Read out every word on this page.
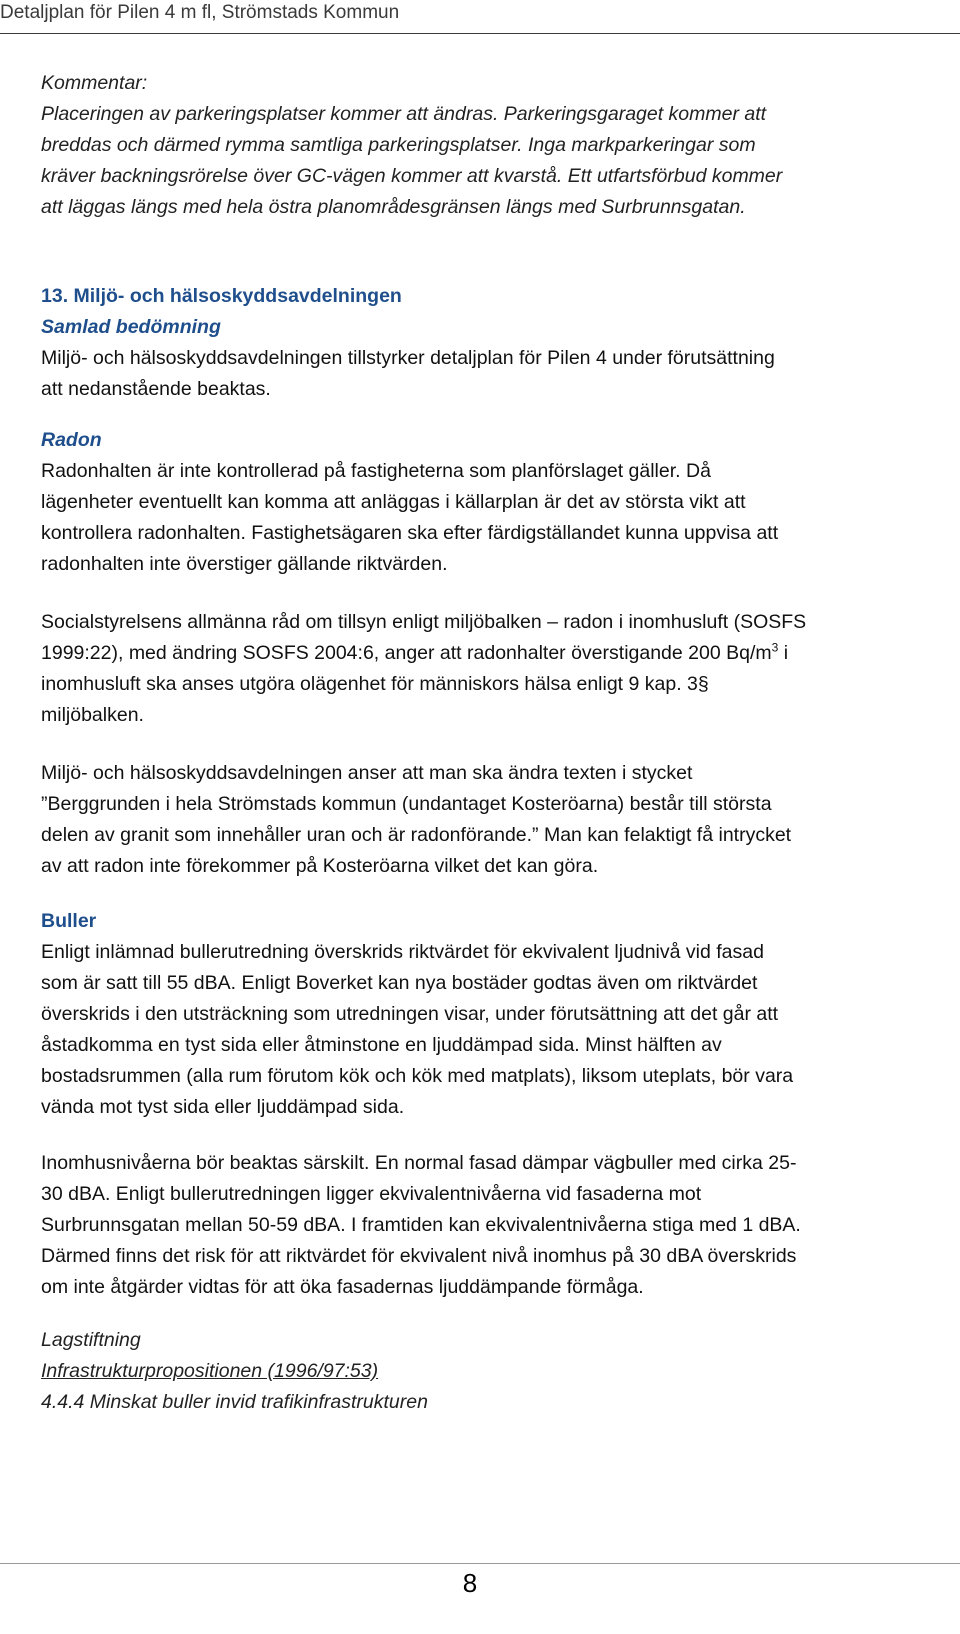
Detaljplan för Pilen 4 m fl, Strömstads Kommun

Kommentar:

Placeringen av parkeringsplatser kommer att ändras. Parkeringsgaraget kommer att

breddas och därmed rymma samtliga parkeringsplatser. Inga markparkeringar som

kräver backningsrörelse över GC-vägen kommer att kvarstå. Ett utfartsförbud kommer

att läggas längs med hela östra planområdesgränsen längs med Surbrunnsgatan.

13. Miljö- och hälsoskyddsavdelningen

Samlad bedömning

Miljö- och hälsoskyddsavdelningen tillstyrker detaljplan för Pilen 4 under förutsättning

att nedanstående beaktas.

Radon

Radonhalten är inte kontrollerad på fastigheterna som planförslaget gäller. Då

lägenheter eventuellt kan komma att anläggas i källarplan är det av största vikt att

kontrollera radonhalten. Fastighetsägaren ska efter färdigställandet kunna uppvisa att

radonhalten inte överstiger gällande riktvärden.

Socialstyrelsens allmänna råd om tillsyn enligt miljöbalken – radon i inomhusluft (SOSFS

1999:22), med ändring SOSFS 2004:6, anger att radonhalter överstigande 200 $Bq/m^3$ i

inomhusluft ska anses utgöra olägenhet för människors hälsa enligt 9 kap. 3§

miljöbalken.

Miljö- och hälsoskyddsavdelningen anser att man ska ändra texten i stycket

”Berggrunden i hela Strömstads kommun (undantaget Kosteröarna) består till största

delen av granit som innehåller uran och är radonförande.” Man kan felaktigt få intrycket

av att radon inte förekommer på Kosteröarna vilket det kan göra.

Buller

Enligt inlämnad bullerutredning överskrids riktvärdet för ekvivalent ljudnivå vid fasad

som är satt till 55 dBA. Enligt Boverket kan nya bostäder godtas även om riktvärdet

överskrids i den utsträckning som utredningen visar, under förutsättning att det går att

åstadkomma en tyst sida eller åtminstone en ljuddämpad sida. Minst hälften av

bostadsrummen (alla rum förutom kök och kök med matplats), liksom uteplats, bör vara

vända mot tyst sida eller ljuddämpad sida.

Inomhusnivåerna bör beaktas särskilt. En normal fasad dämpar vägbuller med cirka 25-

30 dBA. Enligt bullerutredningen ligger ekvivalentnivåerna vid fasaderna mot

Surbrunnsgatan mellan 50-59 dBA. I framtiden kan ekvivalentnivåerna stiga med 1 dBA.

Därmed finns det risk för att riktvärdet för ekvivalent nivå inomhus på 30 dBA överskrids

om inte åtgärder vidtas för att öka fasadernas ljuddämpande förmåga.

Lagstiftning

Infrastrukturpropositionen (1996/97:53)

4.4.4 Minskat buller invid trafikinfrastrukturen

8
